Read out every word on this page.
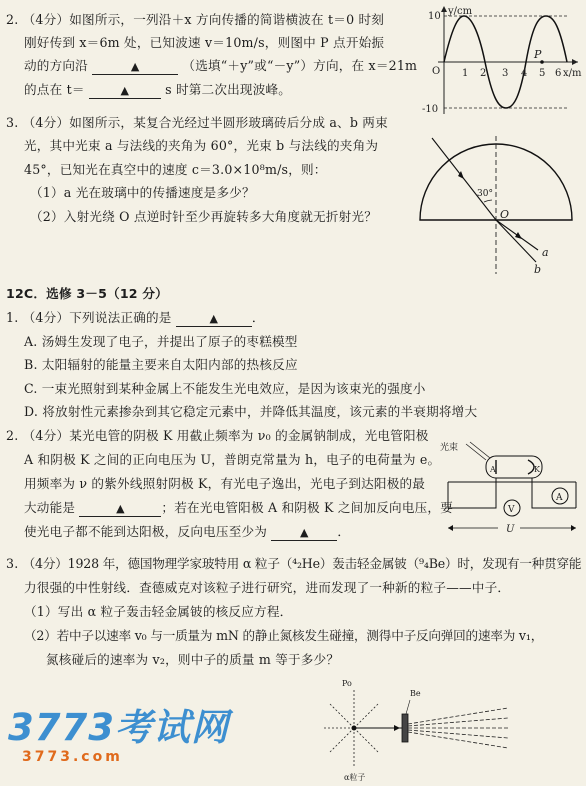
2. （4分）如图所示，一列沿＋x 方向传播的简谐横波在 t＝0 时刻
刚好传到 x＝6m 处，已知波速 v＝10m/s，则图中 P 点开始振
动的方向沿	▲	（选填“＋y”或“－y”）方向，在 x＝21m
的点在 t＝	▲	s 时第二次出现波峰。
y/cm
x/m
O
10
-10
1 2 3 4 5 6
P
3. （4分）如图所示，某复合光经过半圆形玻璃砖后分成 a、b 两束
光，其中光束 a 与法线的夹角为 60°，光束 b 与法线的夹角为
45°，已知光在真空中的速度 c＝3.0×10⁸m/s，则：
（1）a 光在玻璃中的传播速度是多少？
（2）入射光绕 O 点逆时针至少再旋转多大角度就无折射光？
30°
O
a
b
12C．选修 3－5（12 分）
1. （4分）下列说法正确的是	▲	．
A. 汤姆生发现了电子，并提出了原子的枣糕模型
B. 太阳辐射的能量主要来自太阳内部的热核反应
C. 一束光照射到某种金属上不能发生光电效应，是因为该束光的强度小
D. 将放射性元素掺杂到其它稳定元素中，并降低其温度，该元素的半衰期将增大
2. （4分）某光电管的阴极 K 用截止频率为 ν₀ 的金属钠制成，光电管阳极
A 和阴极 K 之间的正向电压为 U，普朗克常量为 h，电子的电荷量为 e。
用频率为 ν 的紫外线照射阴极 K，有光电子逸出，光电子到达阳极的最
大动能是	▲	；若在光电管阳极 A 和阴极 K 之间加反向电压，要
使光电子都不能到达阳极，反向电压至少为	▲ ．
光束
A	K
V
A
U
3. （4分）1928 年，德国物理学家玻特用 α 粒子（⁴₂He）轰击轻金属铍（⁹₄Be）时，发现有一种贯穿能
力很强的中性射线．查德威克对该粒子进行研究，进而发现了一种新的粒子——中子．
（1）写出 α 粒子轰击轻金属铍的核反应方程．
（2）若中子以速率 v₀ 与一质量为 mN 的静止氮核发生碰撞，测得中子反向弹回的速率为 v₁，
氮核碰后的速率为 v₂，则中子的质量 m 等于多少？
Po
Be
α粒子
3773考试网
3773.com
